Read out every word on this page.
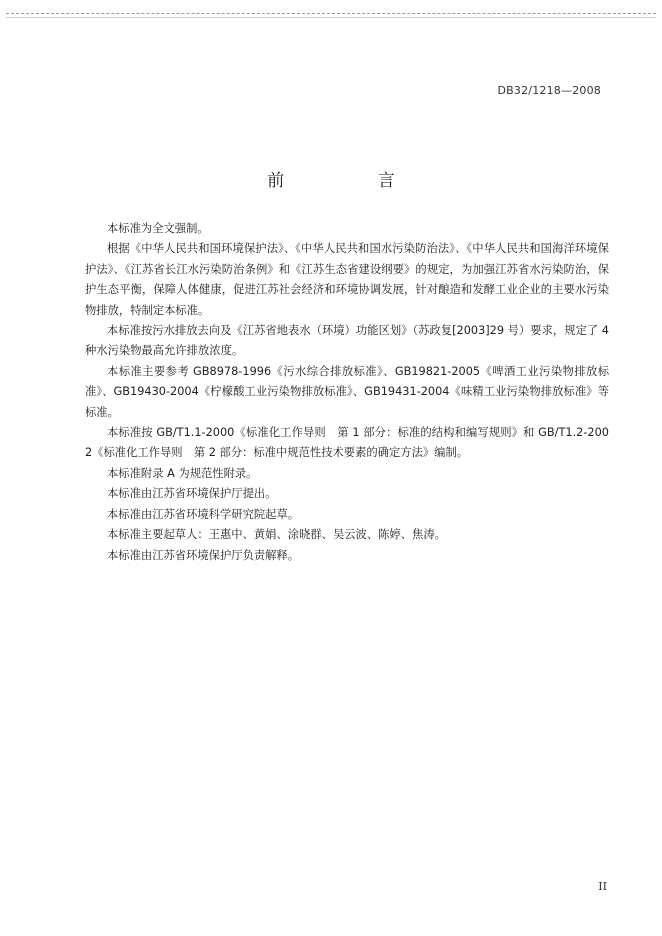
DB32/1218—2008
前 言

本标准为全文强制。

根据《中华人民共和国环境保护法》、《中华人民共和国水污染防治法》、《中华人民共和国海洋环境保护法》、《江苏省长江水污染防治条例》和《江苏生态省建设纲要》的规定，为加强江苏省水污染防治，保护生态平衡，保障人体健康，促进江苏社会经济和环境协调发展，针对酿造和发酵工业企业的主要水污染物排放，特制定本标准。

本标准按污水排放去向及《江苏省地表水（环境）功能区划》（苏政复[2003]29 号）要求，规定了 4 种水污染物最高允许排放浓度。

本标准主要参考 GB8978-1996《污水综合排放标准》、GB19821-2005《啤酒工业污染物排放标准》、GB19430-2004《柠檬酸工业污染物排放标准》、GB19431-2004《味精工业污染物排放标准》等标准。

本标准按 GB/T1.1-2000《标准化工作导则　第 1 部分：标准的结构和编写规则》和 GB/T1.2-2002《标准化工作导则　第 2 部分：标准中规范性技术要素的确定方法》编制。

本标准附录 A 为规范性附录。

本标准由江苏省环境保护厅提出。

本标准由江苏省环境科学研究院起草。

本标准主要起草人：王惠中、黄娟、涂晓群、吴云波、陈婷、焦涛。

本标准由江苏省环境保护厅负责解释。

II
